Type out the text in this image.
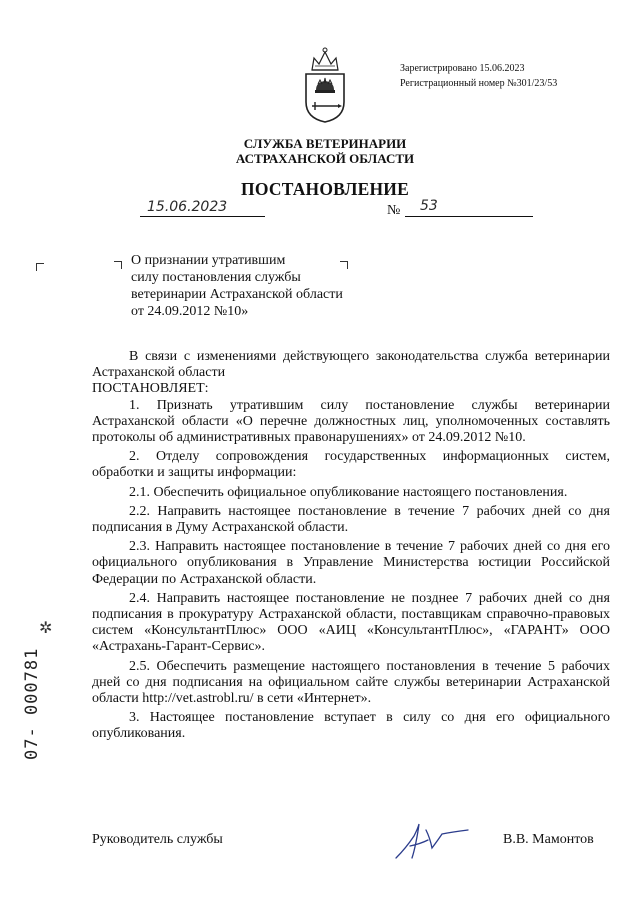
Зарегистрировано 15.06.2023
Регистрационный номер №301/23/53
СЛУЖБА ВЕТЕРИНАРИИ
АСТРАХАНСКОЙ ОБЛАСТИ
ПОСТАНОВЛЕНИЕ
15.06.2023	№ 53
О признании утратившим
силу постановления службы
ветеринарии Астраханской области
от 24.09.2012 №10»

В связи с изменениями действующего законодательства служба ветеринарии Астраханской области

ПОСТАНОВЛЯЕТ:

1. Признать утратившим силу постановление службы ветеринарии Астраханской области «О перечне должностных лиц, уполномоченных составлять протоколы об административных правонарушениях» от 24.09.2012 №10.

2. Отделу сопровождения государственных информационных систем, обработки и защиты информации:

2.1. Обеспечить официальное опубликование настоящего постановления.

2.2. Направить настоящее постановление в течение 7 рабочих дней со дня подписания в Думу Астраханской области.

2.3. Направить настоящее постановление в течение 7 рабочих дней со дня его официального опубликования в Управление Министерства юстиции Российской Федерации по Астраханской области.

2.4. Направить настоящее постановление не позднее 7 рабочих дней со дня подписания в прокуратуру Астраханской области, поставщикам справочно-правовых систем «КонсультантПлюс» ООО «АИЦ «КонсультантПлюс», «ГАРАНТ» ООО «Астрахань-Гарант-Сервис».

2.5. Обеспечить размещение настоящего постановления в течение 5 рабочих дней со дня подписания на официальном сайте службы ветеринарии Астраханской области http://vet.astrobl.ru/ в сети «Интернет».

3. Настоящее постановление вступает в силу со дня его официального опубликования.

✲
07- 000781
Руководитель службы	В.В. Мамонтов
